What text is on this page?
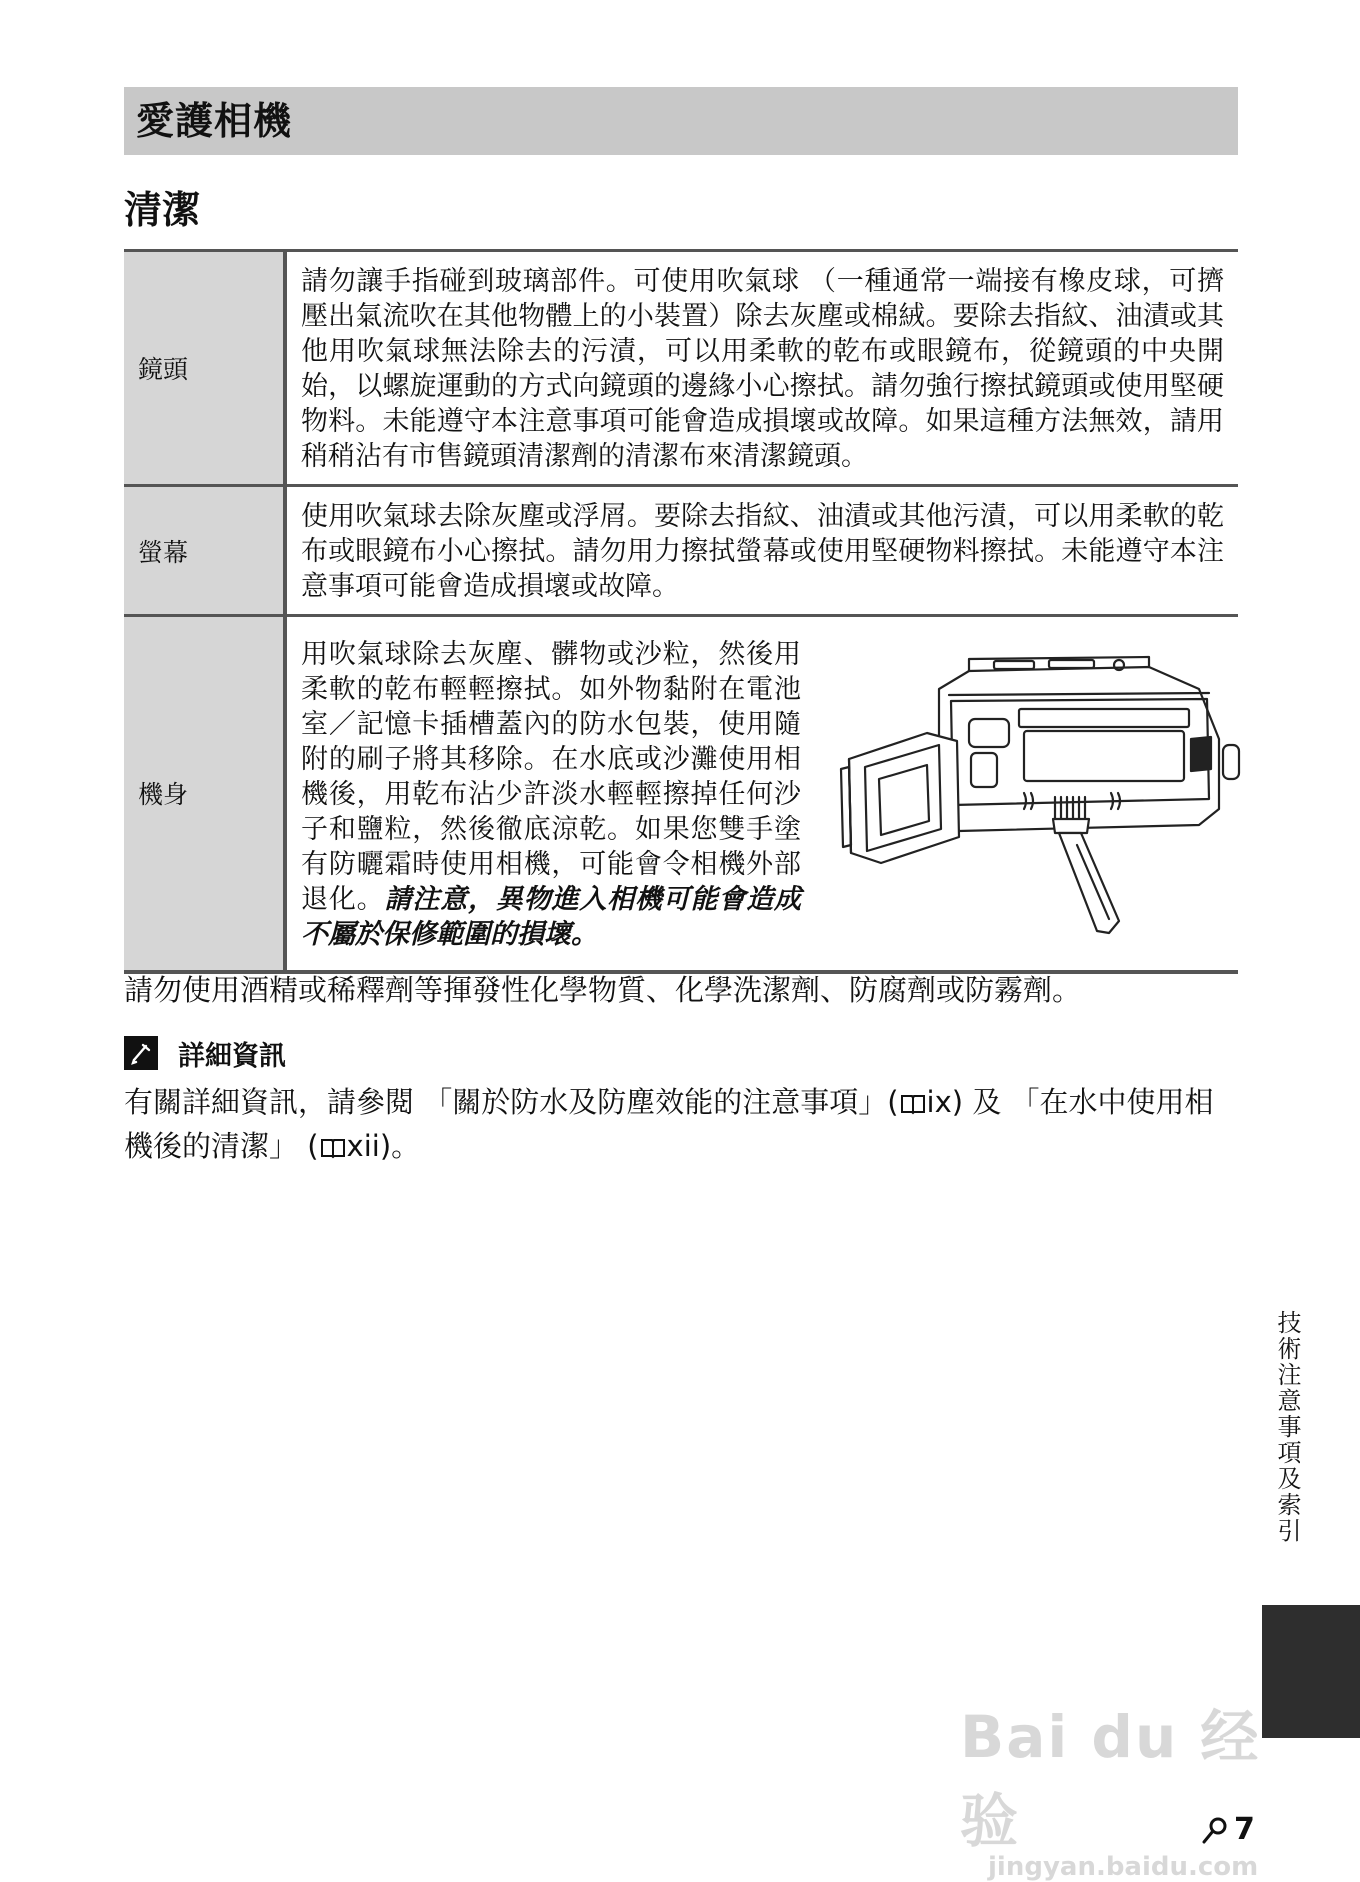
愛護相機
清潔
鏡頭	請勿讓手指碰到玻璃部件。可使用吹氣球 （一種通常一端接有橡皮球，可擠壓出氣流吹在其他物體上的小裝置）除去灰塵或棉絨。要除去指紋、油漬或其他用吹氣球無法除去的污漬，可以用柔軟的乾布或眼鏡布，從鏡頭的中央開始，以螺旋運動的方式向鏡頭的邊緣小心擦拭。請勿強行擦拭鏡頭或使用堅硬物料。未能遵守本注意事項可能會造成損壞或故障。如果這種方法無效，請用稍稍沾有市售鏡頭清潔劑的清潔布來清潔鏡頭。
螢幕	使用吹氣球去除灰塵或浮屑。要除去指紋、油漬或其他污漬，可以用柔軟的乾布或眼鏡布小心擦拭。請勿用力擦拭螢幕或使用堅硬物料擦拭。未能遵守本注意事項可能會造成損壞或故障。
機身	用吹氣球除去灰塵、髒物或沙粒，然後用柔軟的乾布輕輕擦拭。如外物黏附在電池室／記憶卡插槽蓋內的防水包裝，使用隨附的刷子將其移除。在水底或沙灘使用相機後，用乾布沾少許淡水輕輕擦掉任何沙子和鹽粒，然後徹底涼乾。如果您雙手塗有防曬霜時使用相機，可能會令相機外部退化。請注意，異物進入相機可能會造成不屬於保修範圍的損壞。

請勿使用酒精或稀釋劑等揮發性化學物質、化學洗潔劑、防腐劑或防霧劑。

詳細資訊

有關詳細資訊，請參閱 「關於防水及防塵效能的注意事項」( ix) 及 「在水中使用相機後的清潔」 ( xii)。

技術注意事項及索引
Bai du 经验
jingyan.baidu.com
7
